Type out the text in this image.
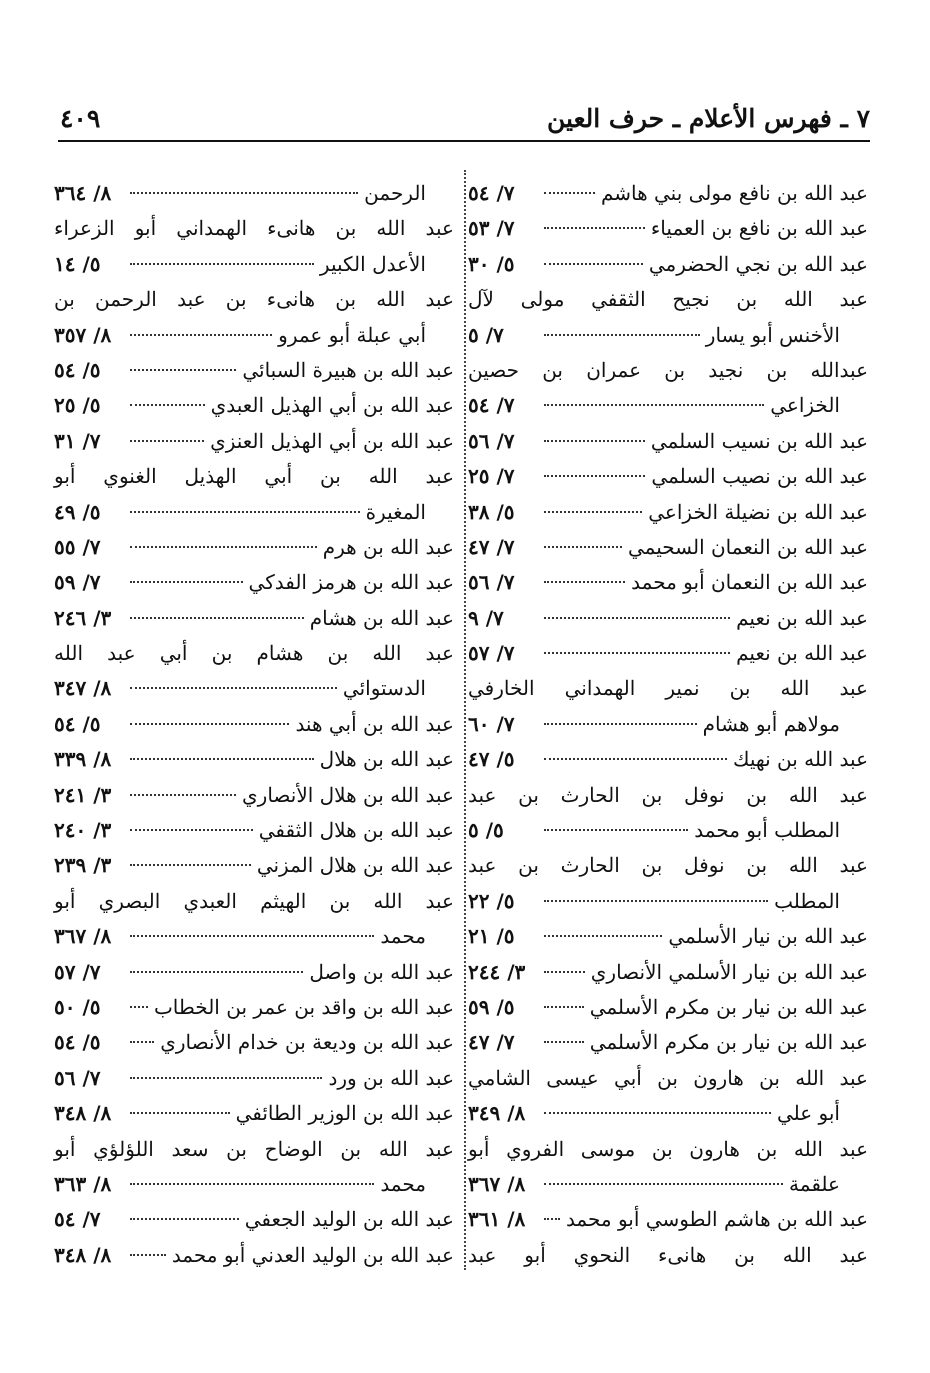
٧ ـ فهرس الأعلام ـ حرف العين
٤٠٩
عبد الله بن نافع مولى بني هاشم
٧/ ٥٤
عبد الله بن نافع بن العمياء
٧/ ٥٣
عبد الله بن نجي الحضرمي
٥/ ٣٠
عبد الله بن نجيح الثقفي مولى لآل
الأخنس أبو يسار
٧/ ٥
عبدالله بن نجيد بن عمران بن حصين
الخزاعي
٧/ ٥٤
عبد الله بن نسيب السلمي
٧/ ٥٦
عبد الله بن نصيب السلمي
٧/ ٢٥
عبد الله بن نضيلة الخزاعي
٥/ ٣٨
عبد الله بن النعمان السحيمي
٧/ ٤٧
عبد الله بن النعمان أبو محمد
٧/ ٥٦
عبد الله بن نعيم
٧/ ٩
عبد الله بن نعيم
٧/ ٥٧
عبد الله بن نمير الهمداني الخارفي
مولاهم أبو هشام
٧/ ٦٠
عبد الله بن نهيك
٥/ ٤٧
عبد الله بن نوفل بن الحارث بن عبد
المطلب أبو محمد
٥/ ٥
عبد الله بن نوفل بن الحارث بن عبد
المطلب
٥/ ٢٢
عبد الله بن نيار الأسلمي
٥/ ٢١
عبد الله بن نيار الأسلمي الأنصاري
٣/ ٢٤٤
عبد الله بن نيار بن مكرم الأسلمي
٥/ ٥٩
عبد الله بن نيار بن مكرم الأسلمي
٧/ ٤٧
عبد الله بن هارون بن أبي عيسى الشامي
أبو علي
٨/ ٣٤٩
عبد الله بن هارون بن موسى الفروي أبو
علقمة
٨/ ٣٦٧
عبد الله بن هاشم الطوسي أبو محمد
٨/ ٣٦١
عبد الله بن هانىء النحوي أبو عبد
الرحمن
٨/ ٣٦٤
عبد الله بن هانىء الهمداني أبو الزعراء
الأعدل الكبير
٥/ ١٤
عبد الله بن هانىء بن عبد الرحمن بن
أبي عبلة أبو عمرو
٨/ ٣٥٧
عبد الله بن هبيرة السبائي
٥/ ٥٤
عبد الله بن أبي الهذيل العبدي
٥/ ٢٥
عبد الله بن أبي الهذيل العنزي
٧/ ٣١
عبد الله بن أبي الهذيل الغنوي أبو
المغيرة
٥/ ٤٩
عبد الله بن هرم
٧/ ٥٥
عبد الله بن هرمز الفدكي
٧/ ٥٩
عبد الله بن هشام
٣/ ٢٤٦
عبد الله بن هشام بن أبي عبد الله
الدستوائي
٨/ ٣٤٧
عبد الله بن أبي هند
٥/ ٥٤
عبد الله بن هلال
٨/ ٣٣٩
عبد الله بن هلال الأنصاري
٣/ ٢٤١
عبد الله بن هلال الثقفي
٣/ ٢٤٠
عبد الله بن هلال المزني
٣/ ٢٣٩
عبد الله بن الهيثم العبدي البصري أبو
محمد
٨/ ٣٦٧
عبد الله بن واصل
٧/ ٥٧
عبد الله بن واقد بن عمر بن الخطاب
٥/ ٥٠
عبد الله بن وديعة بن خدام الأنصاري
٥/ ٥٤
عبد الله بن ورد
٧/ ٥٦
عبد الله بن الوزير الطائفي
٨/ ٣٤٨
عبد الله بن الوضاح بن سعد اللؤلؤي أبو
محمد
٨/ ٣٦٣
عبد الله بن الوليد الجعفي
٧/ ٥٤
عبد الله بن الوليد العدني أبو محمد
٨/ ٣٤٨
